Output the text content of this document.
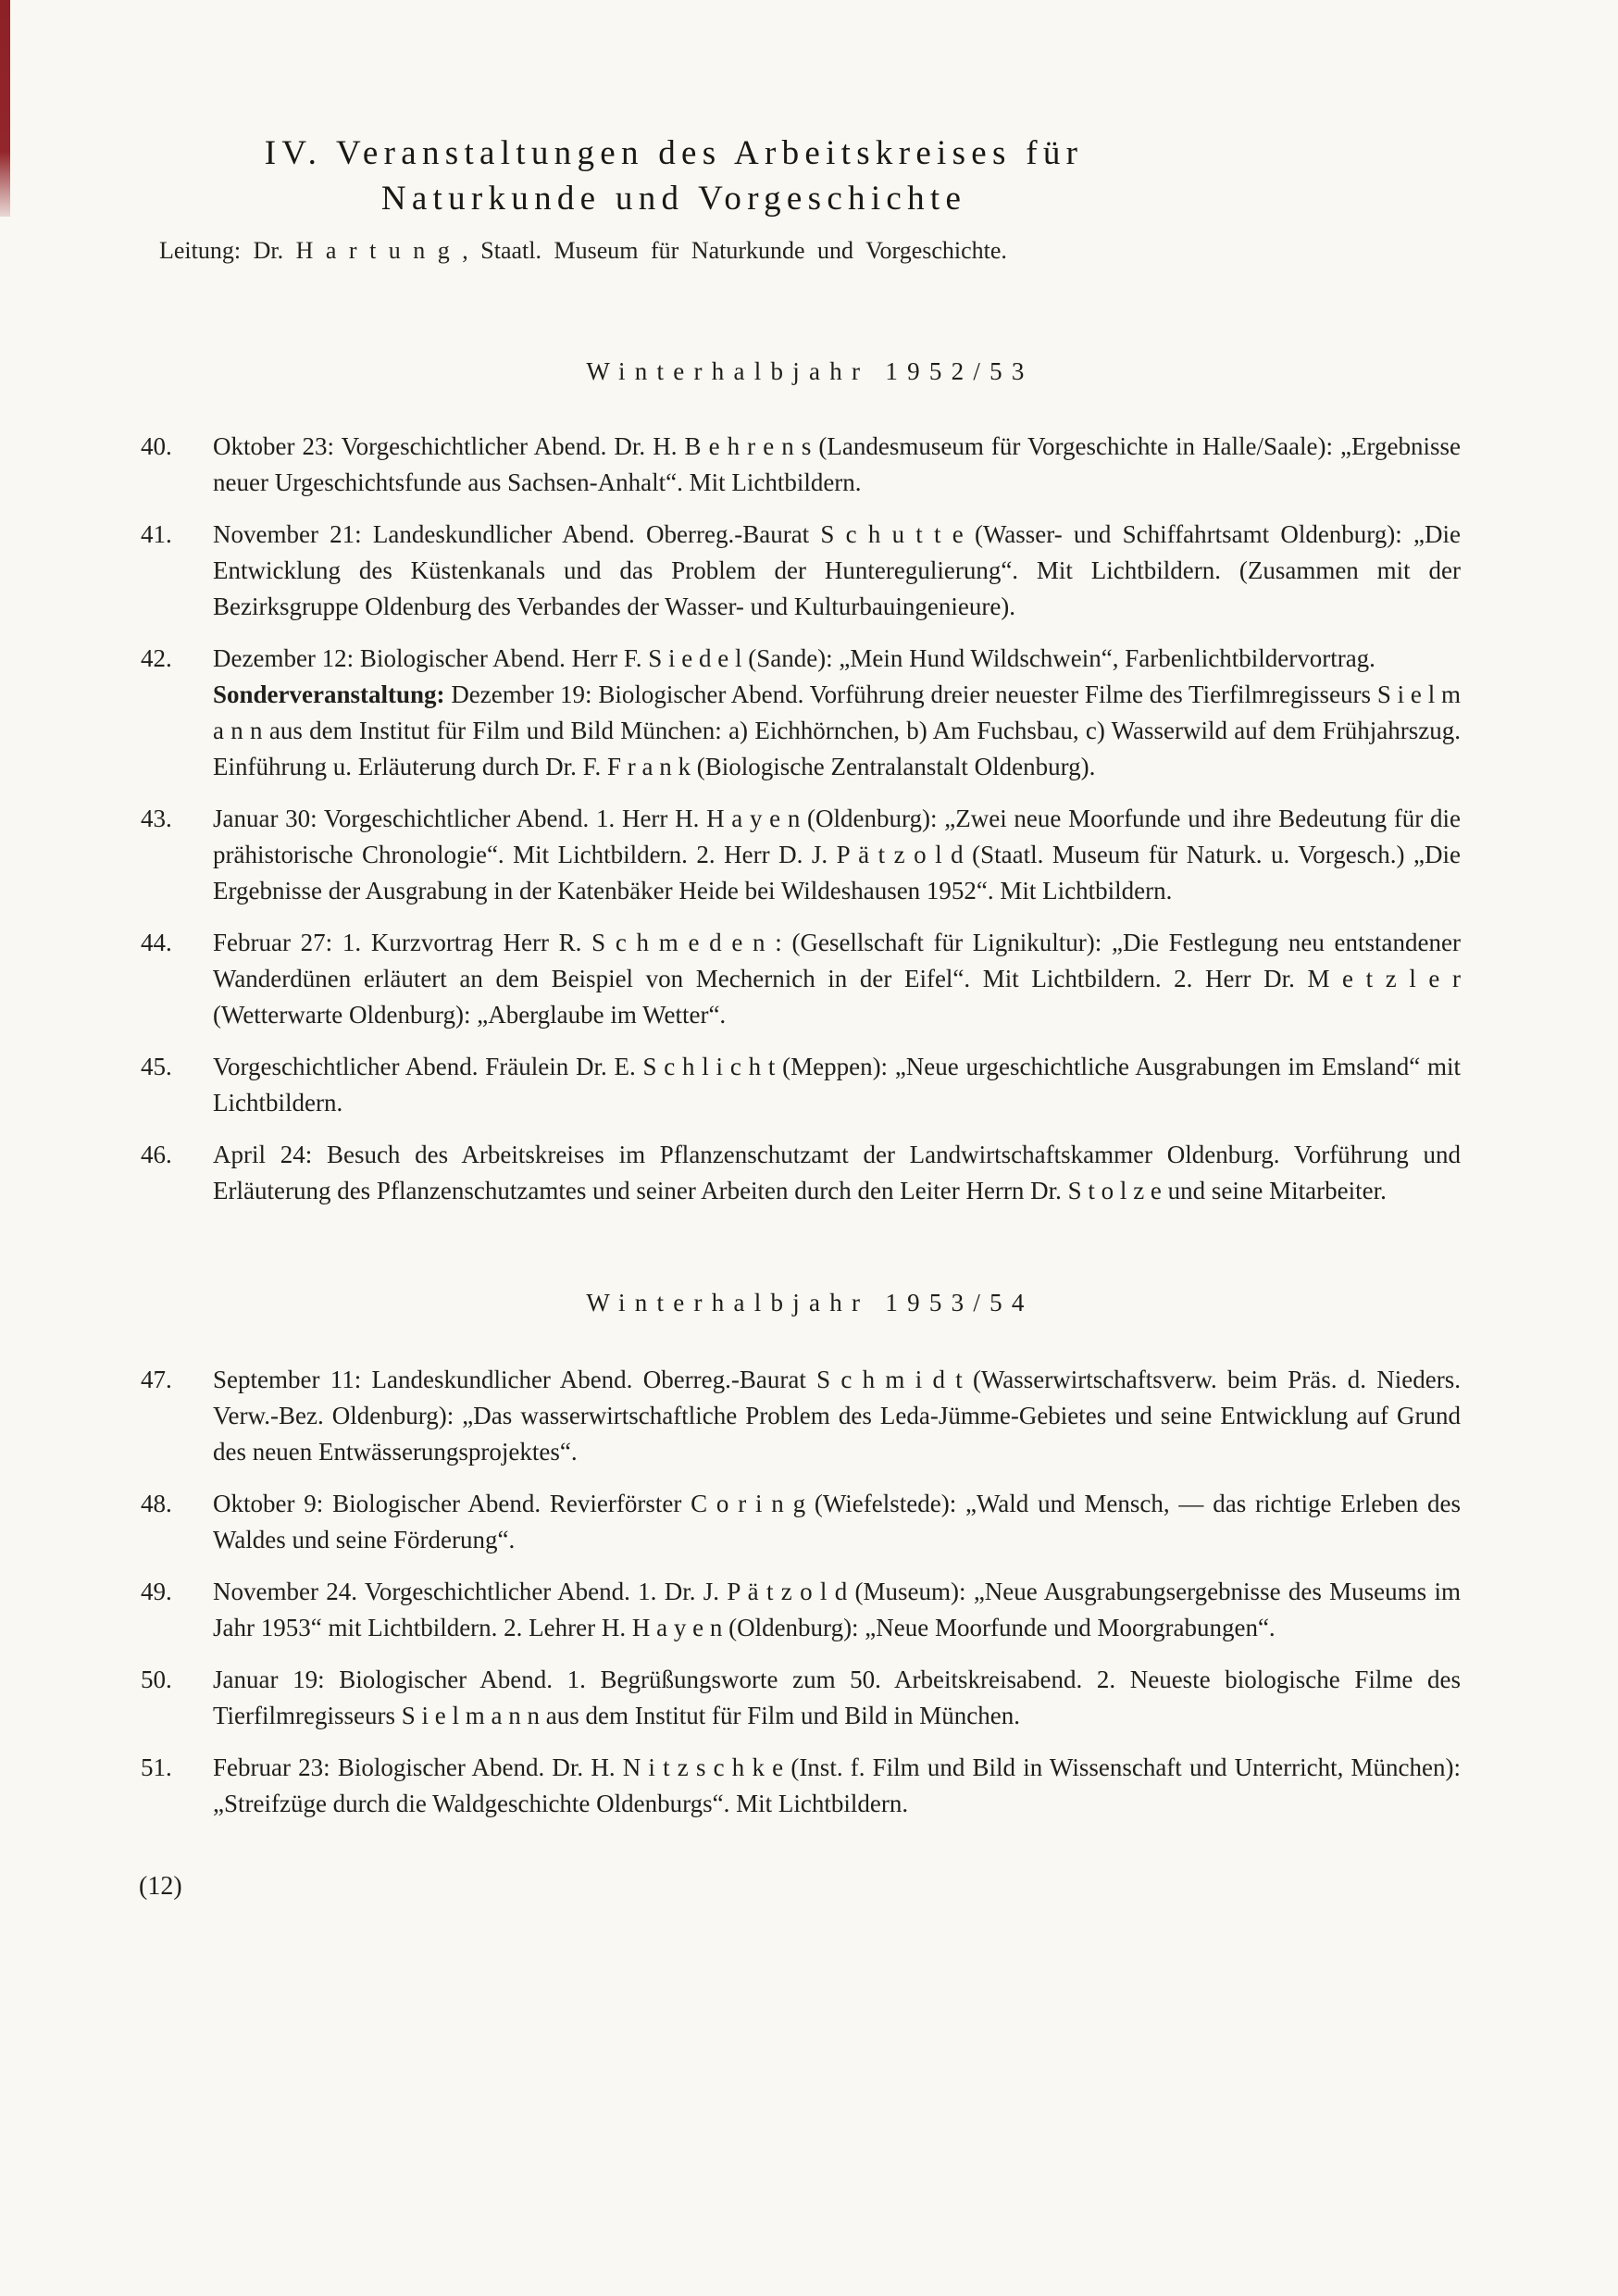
IV. Veranstaltungen des Arbeitskreises für
Naturkunde und Vorgeschichte

Leitung: Dr. H a r t u n g , Staatl. Museum für Naturkunde und Vorgeschichte.

Winterhalbjahr 1952/53
40.	Oktober 23: Vorgeschichtlicher Abend. Dr. H. B e h r e n s (Landesmuseum für Vorgeschichte in Halle/Saale): „Ergebnisse neuer Urgeschichtsfunde aus Sachsen-Anhalt“. Mit Lichtbildern.

41.	November 21: Landeskundlicher Abend. Oberreg.-Baurat S c h u t t e (Wasser- und Schiffahrtsamt Oldenburg): „Die Entwicklung des Küstenkanals und das Problem der Hunteregulierung“. Mit Lichtbildern. (Zusammen mit der Bezirksgruppe Oldenburg des Verbandes der Wasser- und Kulturbauingenieure).

42.	Dezember 12: Biologischer Abend. Herr F. S i e d e l (Sande): „Mein Hund Wildschwein“, Farbenlichtbildervortrag.

Sonderveranstaltung: Dezember 19: Biologischer Abend. Vorführung dreier neuester Filme des Tierfilmregisseurs S i e l m a n n aus dem Institut für Film und Bild München: a) Eichhörnchen, b) Am Fuchsbau, c) Wasserwild auf dem Frühjahrszug. Einführung u. Erläuterung durch Dr. F. F r a n k (Biologische Zentralanstalt Oldenburg).

43.	Januar 30: Vorgeschichtlicher Abend. 1. Herr H. H a y e n (Oldenburg): „Zwei neue Moorfunde und ihre Bedeutung für die prähistorische Chronologie“. Mit Lichtbildern. 2. Herr D. J. P ä t z o l d (Staatl. Museum für Naturk. u. Vorgesch.) „Die Ergebnisse der Ausgrabung in der Katenbäker Heide bei Wildeshausen 1952“. Mit Lichtbildern.

44.	Februar 27: 1. Kurzvortrag Herr R. S c h m e d e n : (Gesellschaft für Lignikultur): „Die Festlegung neu entstandener Wanderdünen erläutert an dem Beispiel von Mechernich in der Eifel“. Mit Lichtbildern. 2. Herr Dr. M e t z l e r (Wetterwarte Oldenburg): „Aberglaube im Wetter“.

45.	Vorgeschichtlicher Abend. Fräulein Dr. E. S c h l i c h t (Meppen): „Neue urgeschichtliche Ausgrabungen im Emsland“ mit Lichtbildern.

46.	April 24: Besuch des Arbeitskreises im Pflanzenschutzamt der Landwirtschaftskammer Oldenburg. Vorführung und Erläuterung des Pflanzenschutzamtes und seiner Arbeiten durch den Leiter Herrn Dr. S t o l z e und seine Mitarbeiter.

Winterhalbjahr 1953/54
47.	September 11: Landeskundlicher Abend. Oberreg.-Baurat S c h m i d t (Wasserwirtschaftsverw. beim Präs. d. Nieders. Verw.-Bez. Oldenburg): „Das wasserwirtschaftliche Problem des Leda-Jümme-Gebietes und seine Entwicklung auf Grund des neuen Entwässerungsprojektes“.

48.	Oktober 9: Biologischer Abend. Revierförster C o r i n g (Wiefelstede): „Wald und Mensch, — das richtige Erleben des Waldes und seine Förderung“.

49.	November 24. Vorgeschichtlicher Abend. 1. Dr. J. P ä t z o l d (Museum): „Neue Ausgrabungsergebnisse des Museums im Jahr 1953“ mit Lichtbildern. 2. Lehrer H. H a y e n (Oldenburg): „Neue Moorfunde und Moorgrabungen“.

50.	Januar 19: Biologischer Abend. 1. Begrüßungsworte zum 50. Arbeitskreisabend. 2. Neueste biologische Filme des Tierfilmregisseurs S i e l m a n n aus dem Institut für Film und Bild in München.

51.	Februar 23: Biologischer Abend. Dr. H. N i t z s c h k e (Inst. f. Film und Bild in Wissenschaft und Unterricht, München): „Streifzüge durch die Waldgeschichte Oldenburgs“. Mit Lichtbildern.

(12)
